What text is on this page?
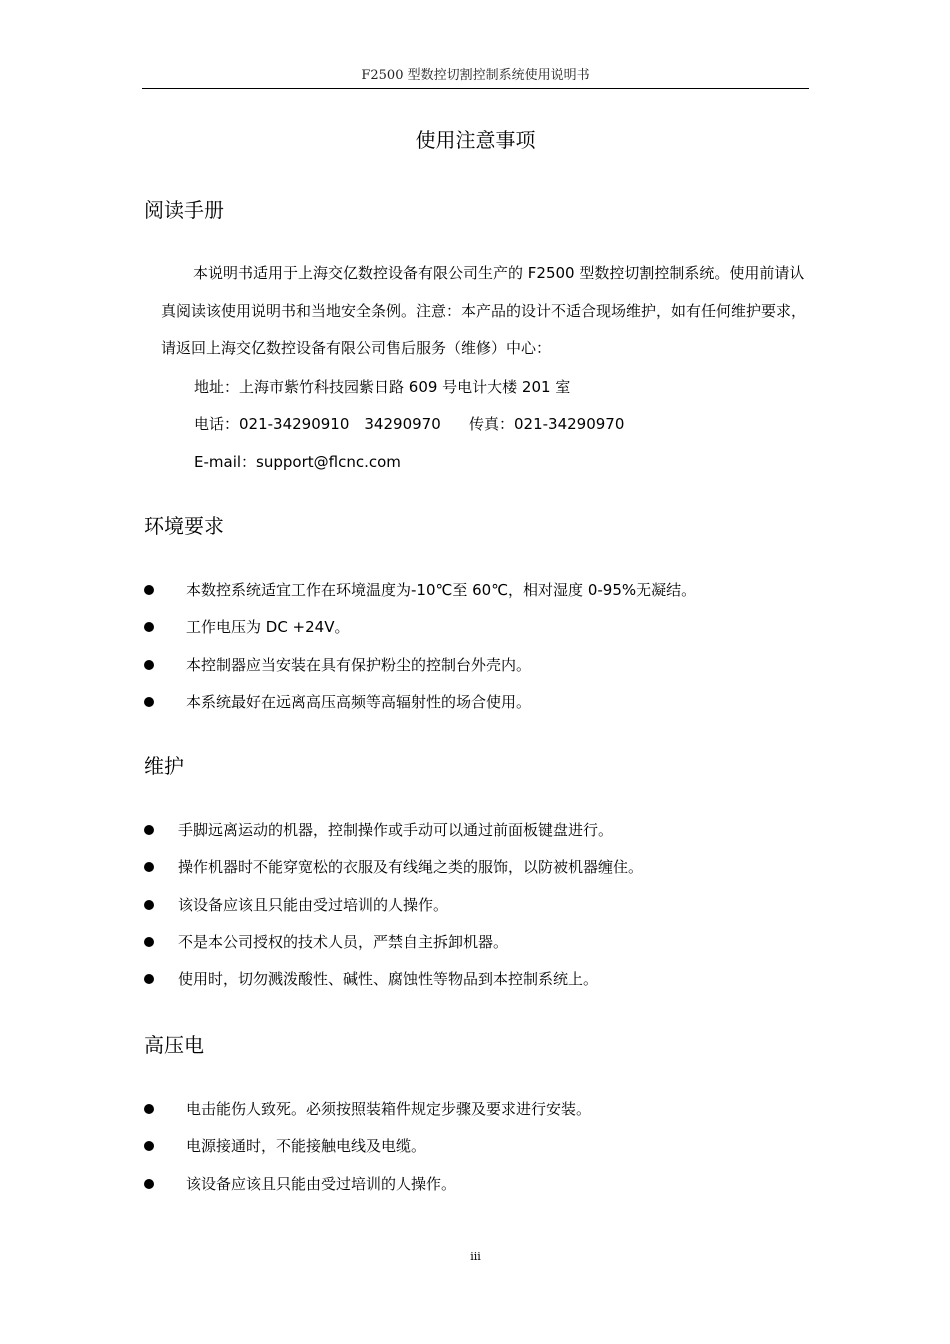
F2500 型数控切割控制系统使用说明书
使用注意事项
阅读手册
本说明书适用于上海交亿数控设备有限公司生产的 F2500 型数控切割控制系统。使用前请认真阅读该使用说明书和当地安全条例。注意：本产品的设计不适合现场维护，如有任何维护要求，请返回上海交亿数控设备有限公司售后服务（维修）中心：
地址：上海市紫竹科技园紫日路 609 号电计大楼 201 室
电话：021-34290910　34290970 传真：021-34290970
E-mail：support@flcnc.com
环境要求
本数控系统适宜工作在环境温度为-10℃至 60℃，相对湿度 0-95%无凝结。
工作电压为 DC +24V。
本控制器应当安装在具有保护粉尘的控制台外壳内。
本系统最好在远离高压高频等高辐射性的场合使用。
维护
手脚远离运动的机器，控制操作或手动可以通过前面板键盘进行。
操作机器时不能穿宽松的衣服及有线绳之类的服饰，以防被机器缠住。
该设备应该且只能由受过培训的人操作。
不是本公司授权的技术人员，严禁自主拆卸机器。
使用时，切勿溅泼酸性、碱性、腐蚀性等物品到本控制系统上。
高压电
电击能伤人致死。必须按照装箱件规定步骤及要求进行安装。
电源接通时，不能接触电线及电缆。
该设备应该且只能由受过培训的人操作。
iii
